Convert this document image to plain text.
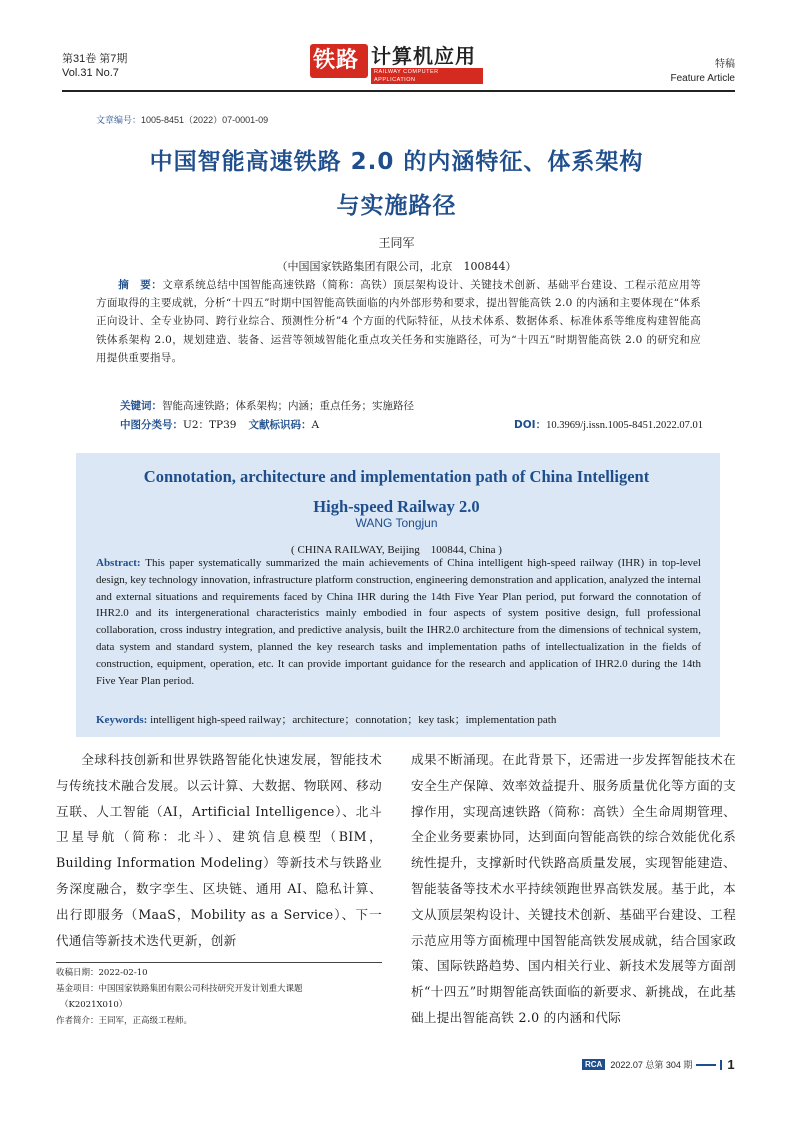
第31卷 第7期
Vol.31 No.7	铁路 计算机应用
RAILWAY COMPUTER APPLICATION
特稿
Feature Article
文章编号：1005-8451（2022）07-0001-09
中国智能高速铁路 2.0 的内涵特征、体系架构
与实施路径
王同军
（中国国家铁路集团有限公司，北京　100844）
摘　要：文章系统总结中国智能高速铁路（简称：高铁）顶层架构设计、关键技术创新、基础平台建设、工程示范应用等方面取得的主要成就，分析“十四五”时期中国智能高铁面临的内外部形势和要求，提出智能高铁 2.0 的内涵和主要体现在“体系正向设计、全专业协同、跨行业综合、预测性分析”4 个方面的代际特征，从技术体系、数据体系、标准体系等维度构建智能高铁体系架构 2.0，规划建造、装备、运营等领域智能化重点攻关任务和实施路径，可为“十四五”时期智能高铁 2.0 的研究和应用提供重要指导。
关键词：智能高速铁路；体系架构；内涵；重点任务；实施路径
中图分类号：U2：TP39 文献标识码：A	DOI：10.3969/j.issn.1005-8451.2022.07.01
Connotation, architecture and implementation path of China Intelligent
High-speed Railway 2.0
WANG Tongjun
( CHINA RAILWAY, Beijing　100844, China )
Abstract: This paper systematically summarized the main achievements of China intelligent high-speed railway (IHR) in top-level design, key technology innovation, infrastructure platform construction, engineering demonstration and application, analyzed the internal and external situations and requirements faced by China IHR during the 14th Five Year Plan period, put forward the connotation of IHR2.0 and its intergenerational characteristics mainly embodied in four aspects of system positive design, full professional collaboration, cross industry integration, and predictive analysis, built the IHR2.0 architecture from the dimensions of technical system, data system and standard system, planned the key research tasks and implementation paths of intellectualization in the fields of construction, equipment, operation, etc. It can provide important guidance for the research and application of IHR2.0 during the 14th Five Year Plan period.
Keywords: intelligent high-speed railway；architecture；connotation；key task；implementation path
全球科技创新和世界铁路智能化快速发展，智能技术与传统技术融合发展。以云计算、大数据、物联网、移动互联、人工智能（AI，Artificial Intelligence）、北斗卫星导航（简称：北斗）、建筑信息模型（BIM，Building Information Modeling）等新技术与铁路业务深度融合，数字孪生、区块链、通用 AI、隐私计算、出行即服务（MaaS，Mobility as a Service）、下一代通信等新技术迭代更新，创新
成果不断涌现。在此背景下，还需进一步发挥智能技术在安全生产保障、效率效益提升、服务质量优化等方面的支撑作用，实现高速铁路（简称：高铁）全生命周期管理、全企业务要素协同，达到面向智能高铁的综合效能优化系统性提升，支撑新时代铁路高质量发展，实现智能建造、智能装备等技术水平持续领跑世界高铁发展。基于此，本文从顶层架构设计、关键技术创新、基础平台建设、工程示范应用等方面梳理中国智能高铁发展成就，结合国家政策、国际铁路趋势、国内相关行业、新技术发展等方面剖析“十四五”时期智能高铁面临的新要求、新挑战，在此基础上提出智能高铁 2.0 的内涵和代际
收稿日期：2022-02-10
基金项目：中国国家铁路集团有限公司科技研究开发计划重大课题
（K2021X010）
作者简介：王同军，正高级工程师。
RCA 2022.07 总第 304 期	1
